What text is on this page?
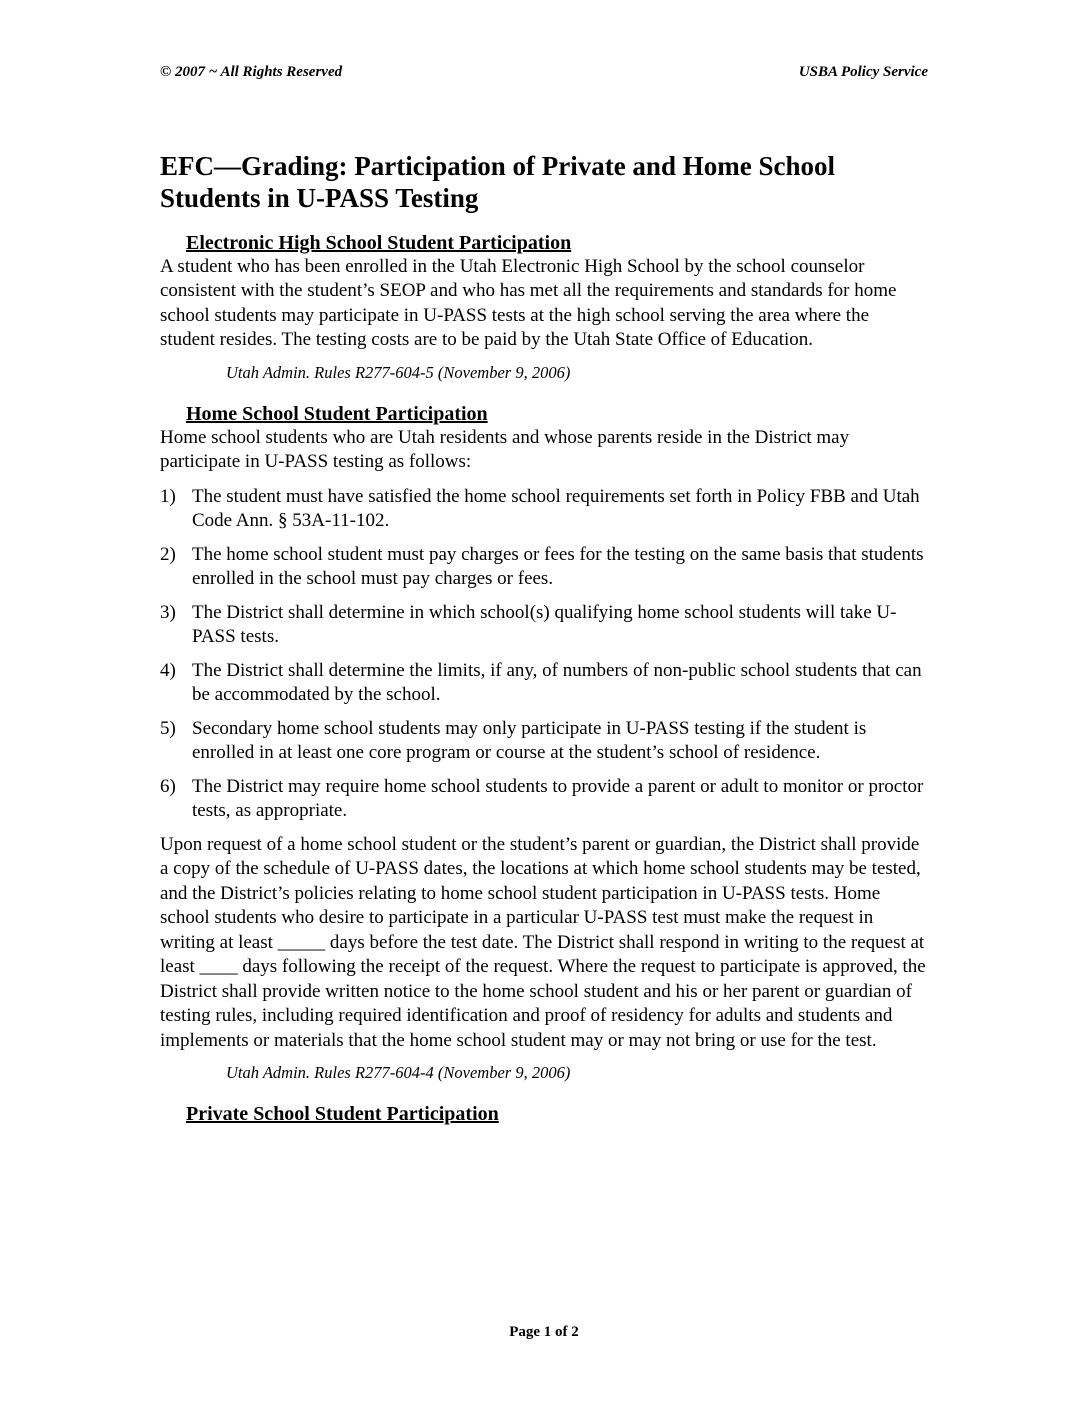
© 2007 ~ All Rights Reserved	USBA Policy Service
EFC—Grading: Participation of Private and Home School Students in U-PASS Testing
Electronic High School Student Participation

A student who has been enrolled in the Utah Electronic High School by the school counselor consistent with the student’s SEOP and who has met all the requirements and standards for home school students may participate in U-PASS tests at the high school serving the area where the student resides. The testing costs are to be paid by the Utah State Office of Education.

Utah Admin. Rules R277-604-5 (November 9, 2006)

Home School Student Participation

Home school students who are Utah residents and whose parents reside in the District may participate in U-PASS testing as follows:

1) The student must have satisfied the home school requirements set forth in Policy FBB and Utah Code Ann. § 53A-11-102.
2) The home school student must pay charges or fees for the testing on the same basis that students enrolled in the school must pay charges or fees.
3) The District shall determine in which school(s) qualifying home school students will take U-PASS tests.
4) The District shall determine the limits, if any, of numbers of non-public school students that can be accommodated by the school.
5) Secondary home school students may only participate in U-PASS testing if the student is enrolled in at least one core program or course at the student’s school of residence.
6) The District may require home school students to provide a parent or adult to monitor or proctor tests, as appropriate.

Upon request of a home school student or the student’s parent or guardian, the District shall provide a copy of the schedule of U-PASS dates, the locations at which home school students may be tested, and the District’s policies relating to home school student participation in U-PASS tests. Home school students who desire to participate in a particular U-PASS test must make the request in writing at least _____ days before the test date. The District shall respond in writing to the request at least ____ days following the receipt of the request. Where the request to participate is approved, the District shall provide written notice to the home school student and his or her parent or guardian of testing rules, including required identification and proof of residency for adults and students and implements or materials that the home school student may or may not bring or use for the test.

Utah Admin. Rules R277-604-4 (November 9, 2006)

Private School Student Participation
Page 1 of 2
